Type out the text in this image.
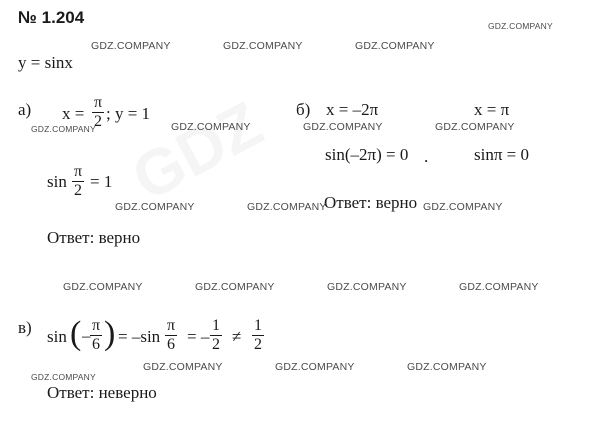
№ 1.204
y = sinx
а) x =
π
2 ; y = 1
sin
π
2 = 1
Ответ: верно
б) x = –2π	x = π
sin(–2π) = 0 .	sinπ = 0
Ответ: верно
в) sin ( –
π
6 ) = –sin
π
6 = –
1
2 ≠
1
2
Ответ: неверно
GDZ.COMPANY
GDZ.COMPANY	GDZ.COMPANY	GDZ.COMPANY
GDZ.COMPANY	GDZ.COMPANY	GDZ.COMPANY	GDZ.COMPANY
GDZ.COMPANY	GDZ.COMPANY	GDZ.COMPANY
GDZ.COMPANY	GDZ.COMPANY	GDZ.COMPANY	GDZ.COMPANY
GDZ.COMPANY	GDZ.COMPANY	GDZ.COMPANY
GDZ.COMPANY
